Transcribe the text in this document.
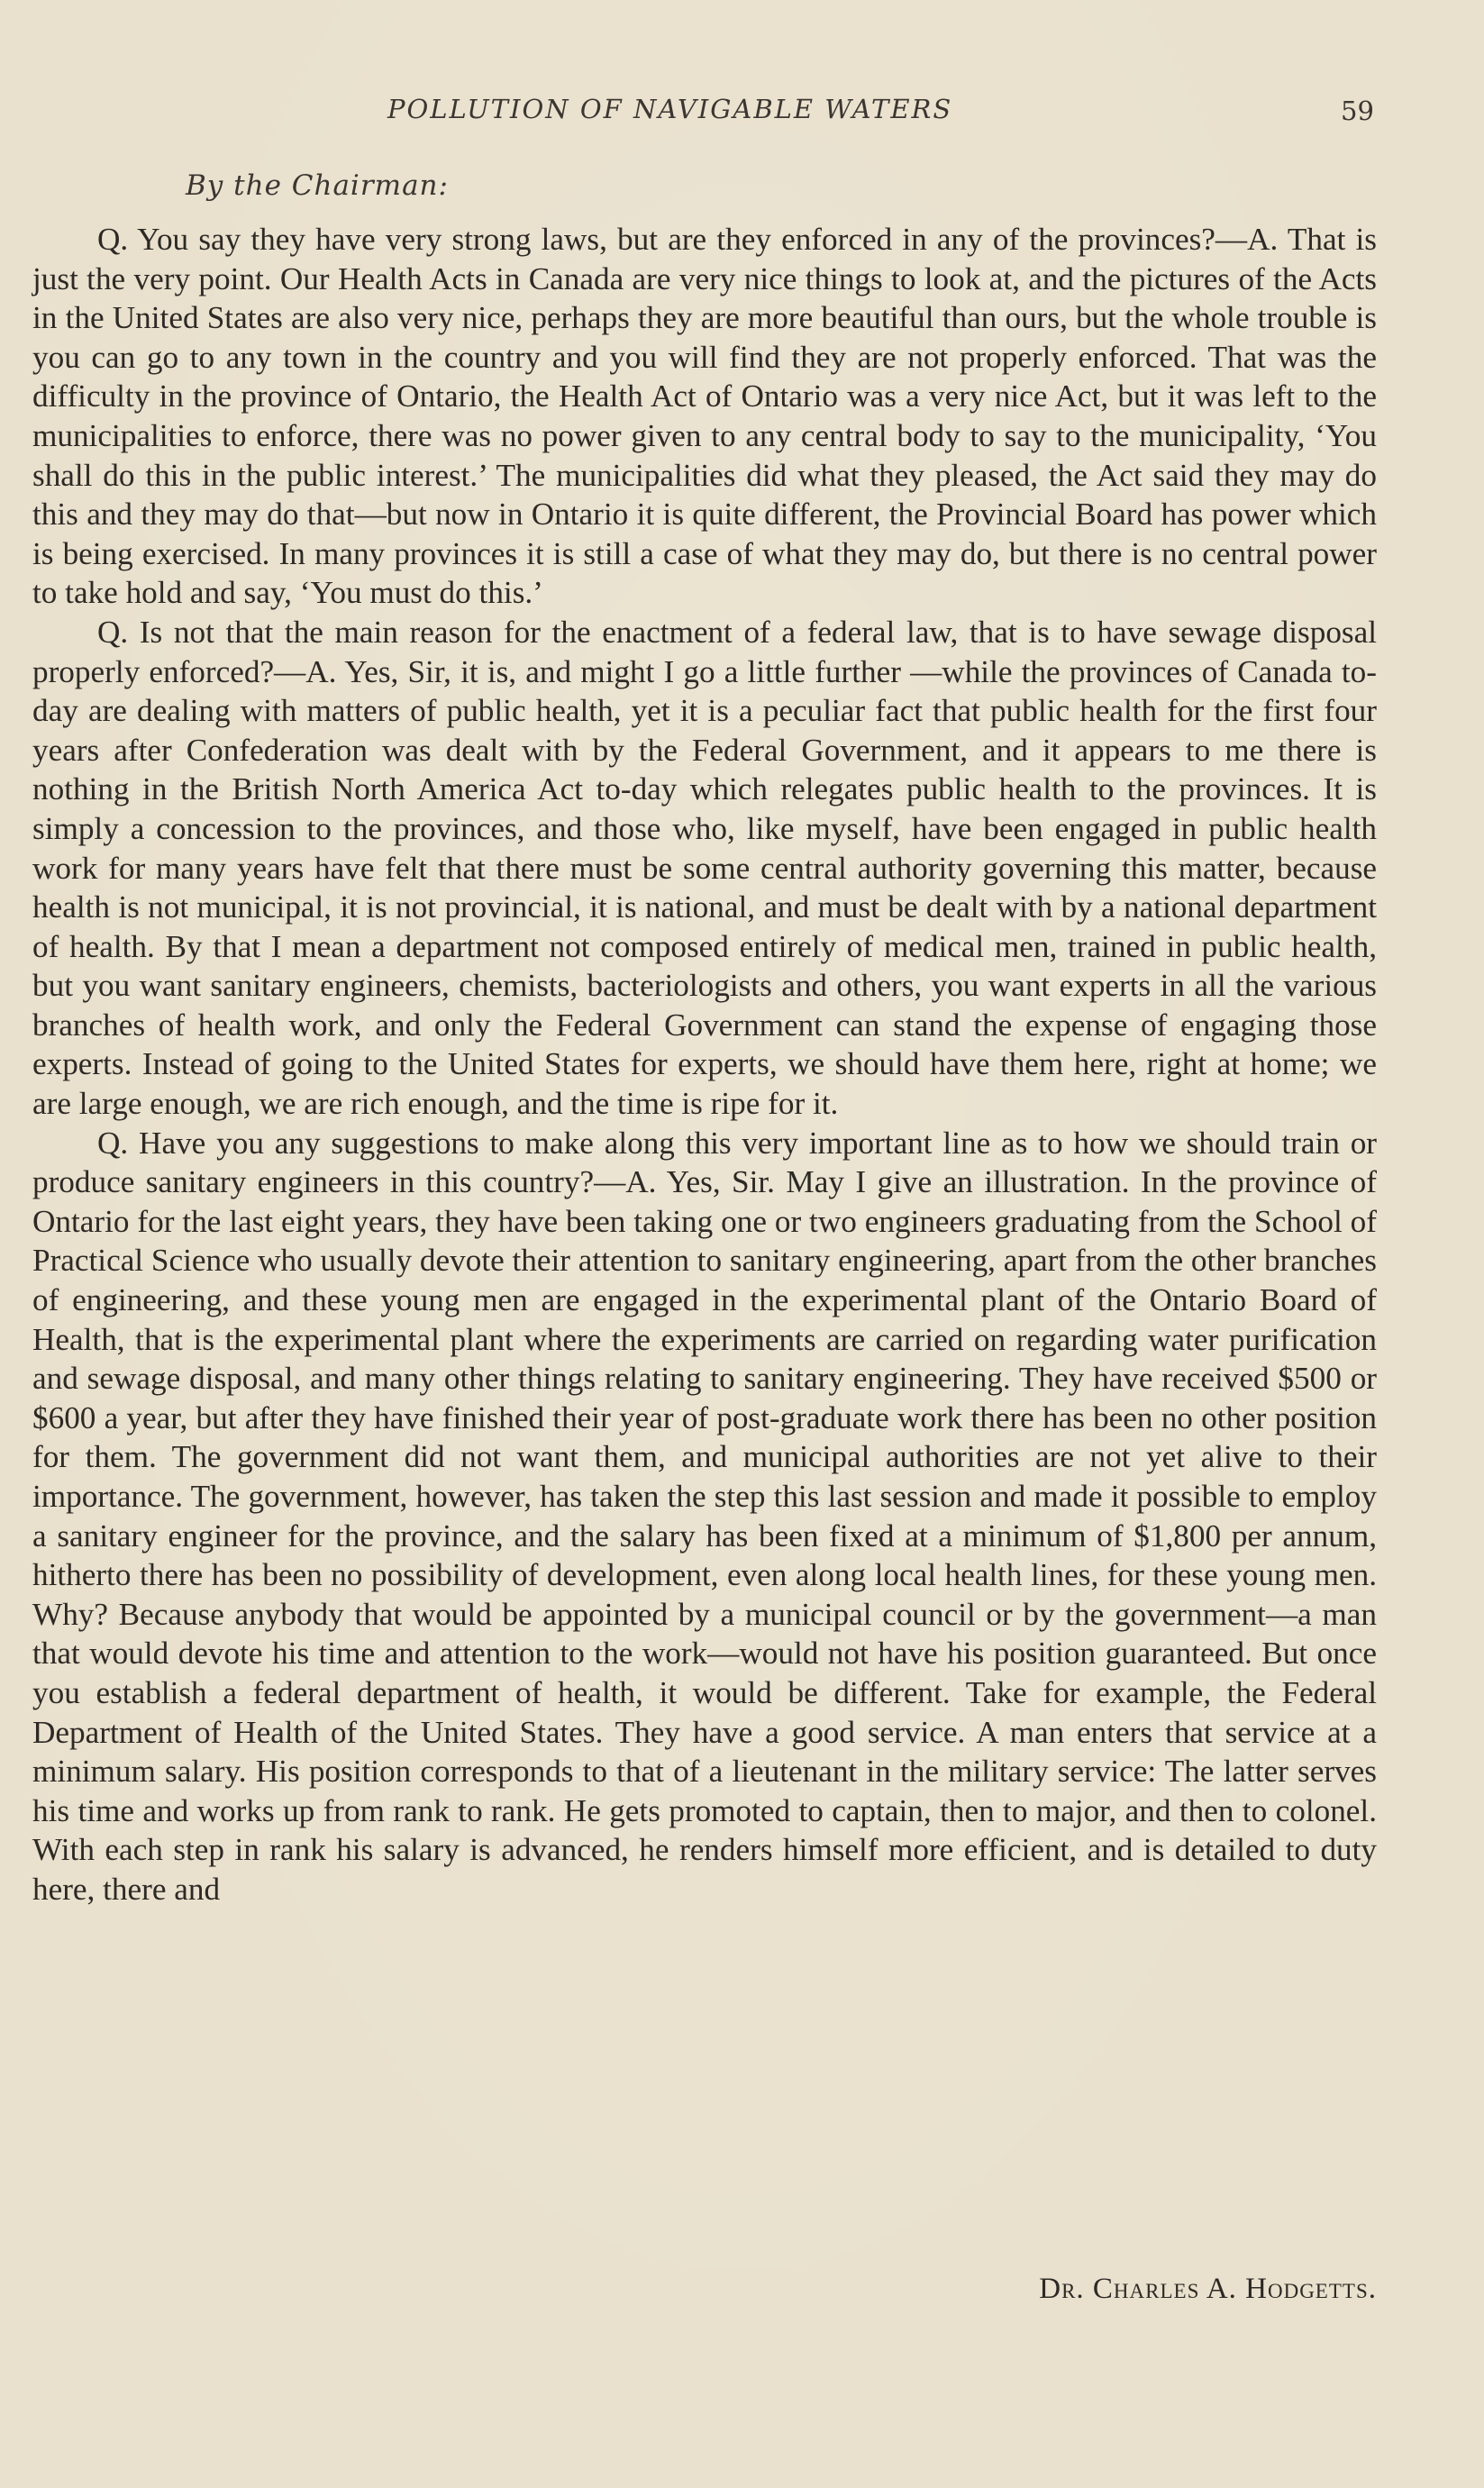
POLLUTION OF NAVIGABLE WATERS	59
By the Chairman:

Q. You say they have very strong laws, but are they enforced in any of the provinces?—A. That is just the very point. Our Health Acts in Canada are very nice things to look at, and the pictures of the Acts in the United States are also very nice, perhaps they are more beautiful than ours, but the whole trouble is you can go to any town in the country and you will find they are not properly enforced. That was the difficulty in the province of Ontario, the Health Act of Ontario was a very nice Act, but it was left to the municipalities to enforce, there was no power given to any central body to say to the municipality, ‘You shall do this in the public interest.’ The municipalities did what they pleased, the Act said they may do this and they may do that—but now in Ontario it is quite different, the Provincial Board has power which is being exercised. In many provinces it is still a case of what they may do, but there is no central power to take hold and say, ‘You must do this.’

Q. Is not that the main reason for the enactment of a federal law, that is to have sewage disposal properly enforced?—A. Yes, Sir, it is, and might I go a little further —while the provinces of Canada to-day are dealing with matters of public health, yet it is a peculiar fact that public health for the first four years after Confederation was dealt with by the Federal Government, and it appears to me there is nothing in the British North America Act to-day which relegates public health to the provinces. It is simply a concession to the provinces, and those who, like myself, have been engaged in public health work for many years have felt that there must be some central authority governing this matter, because health is not municipal, it is not provincial, it is national, and must be dealt with by a national department of health. By that I mean a department not composed entirely of medical men, trained in public health, but you want sanitary engineers, chemists, bacteriologists and others, you want experts in all the various branches of health work, and only the Federal Government can stand the expense of engaging those experts. Instead of going to the United States for experts, we should have them here, right at home; we are large enough, we are rich enough, and the time is ripe for it.

Q. Have you any suggestions to make along this very important line as to how we should train or produce sanitary engineers in this country?—A. Yes, Sir. May I give an illustration. In the province of Ontario for the last eight years, they have been taking one or two engineers graduating from the School of Practical Science who usually devote their attention to sanitary engineering, apart from the other branches of engineering, and these young men are engaged in the experimental plant of the Ontario Board of Health, that is the experimental plant where the experiments are carried on regarding water purification and sewage disposal, and many other things relating to sanitary engineering. They have received $500 or $600 a year, but after they have finished their year of post-graduate work there has been no other position for them. The government did not want them, and municipal authorities are not yet alive to their importance. The government, however, has taken the step this last session and made it possible to employ a sanitary engineer for the province, and the salary has been fixed at a minimum of $1,800 per annum, hitherto there has been no possibility of development, even along local health lines, for these young men. Why? Because anybody that would be appointed by a municipal council or by the government—a man that would devote his time and attention to the work—would not have his position guaranteed. But once you establish a federal department of health, it would be different. Take for example, the Federal Department of Health of the United States. They have a good service. A man enters that service at a minimum salary. His position corresponds to that of a lieutenant in the military service: The latter serves his time and works up from rank to rank. He gets promoted to captain, then to major, and then to colonel. With each step in rank his salary is advanced, he renders himself more efficient, and is detailed to duty here, there and

Dr. Charles A. Hodgetts.
